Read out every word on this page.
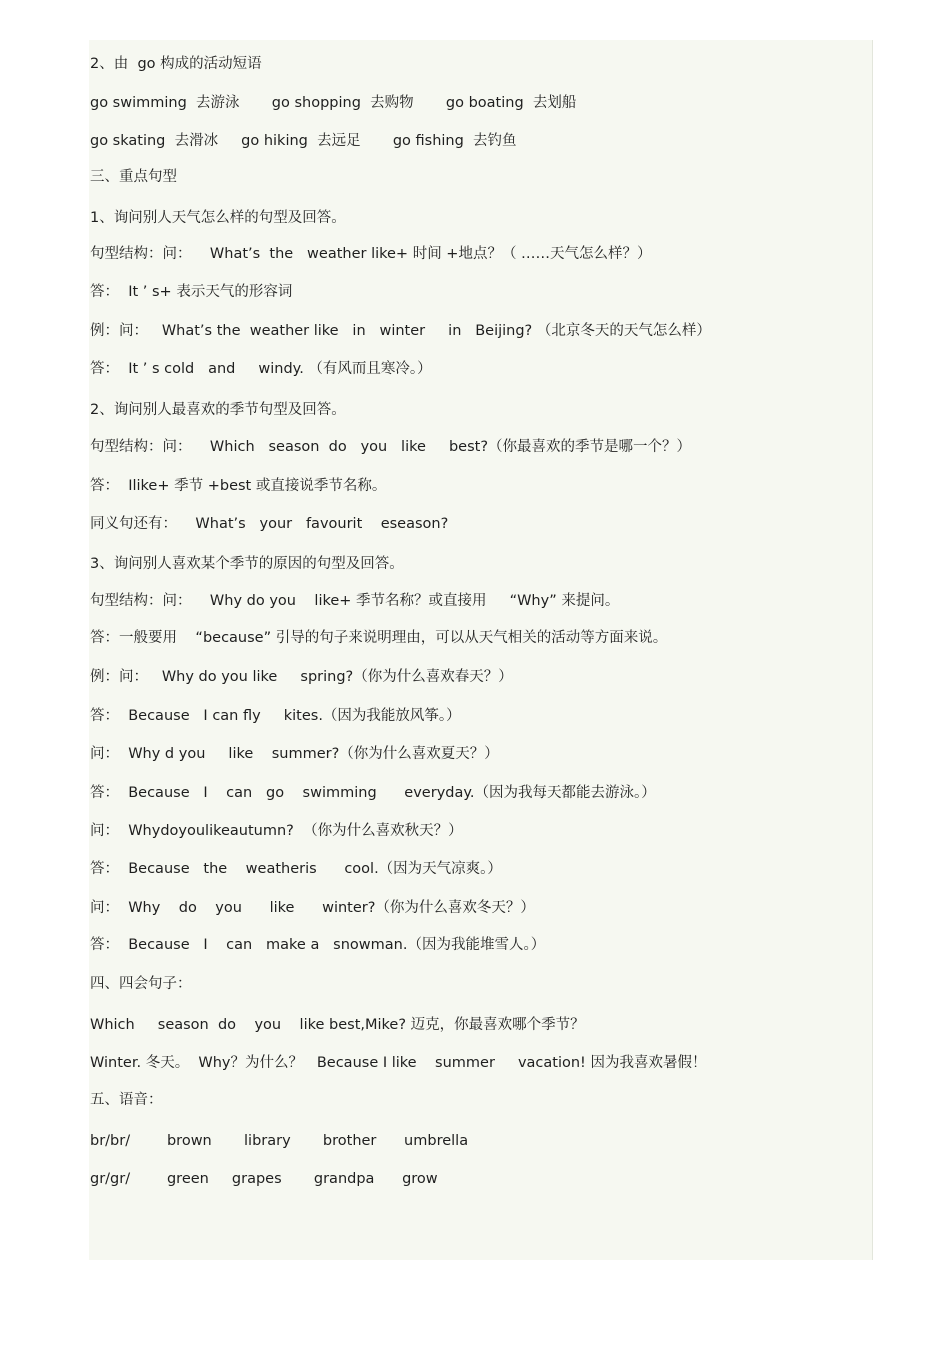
2、由  go 构成的活动短语
go swimming  去游泳       go shopping  去购物       go boating  去划船
go skating  去滑冰     go hiking  去远足       go fishing  去钓鱼
三、重点句型
1、询问别人天气怎么样的句型及回答。
句型结构：问：    What’s  the   weather like+ 时间 +地点？（ ……天气怎么样？）
答：  It ’ s+ 表示天气的形容词
例：问：   What’s the  weather like   in   winter     in   Beijing? （北京冬天的天气怎么样）
答：  It ’ s cold   and     windy. （有风而且寒冷。）
2、询问别人最喜欢的季节句型及回答。
句型结构：问：    Which   season  do   you   like     best?（你最喜欢的季节是哪一个？）
答：  Ilike+ 季节 +best 或直接说季节名称。
同义句还有：    What’s   your   favourit    eseason?
3、询问别人喜欢某个季节的原因的句型及回答。
句型结构：问：    Why do you    like+ 季节名称？或直接用     “Why” 来提问。
答：一般要用    “because” 引导的句子来说明理由，可以从天气相关的活动等方面来说。
例：问：   Why do you like     spring?（你为什么喜欢春天？）
答：  Because   I can fly     kites.（因为我能放风筝。）
问：  Why d you     like    summer?（你为什么喜欢夏天？）
答：  Because   I    can   go    swimming      everyday.（因为我每天都能去游泳。）
问：  Whydoyoulikeautumn?  （你为什么喜欢秋天？）
答：  Because   the    weatheris      cool.（因为天气凉爽。）
问：  Why    do    you      like      winter?（你为什么喜欢冬天？）
答：  Because   I    can   make a   snowman.（因为我能堆雪人。）
四、四会句子：
Which     season  do    you    like best,Mike? 迈克，你最喜欢哪个季节？
Winter. 冬天。  Why？为什么？   Because I like    summer     vacation! 因为我喜欢暑假！
五、语音：
br/br/        brown       library       brother      umbrella
gr/gr/        green     grapes       grandpa      grow
